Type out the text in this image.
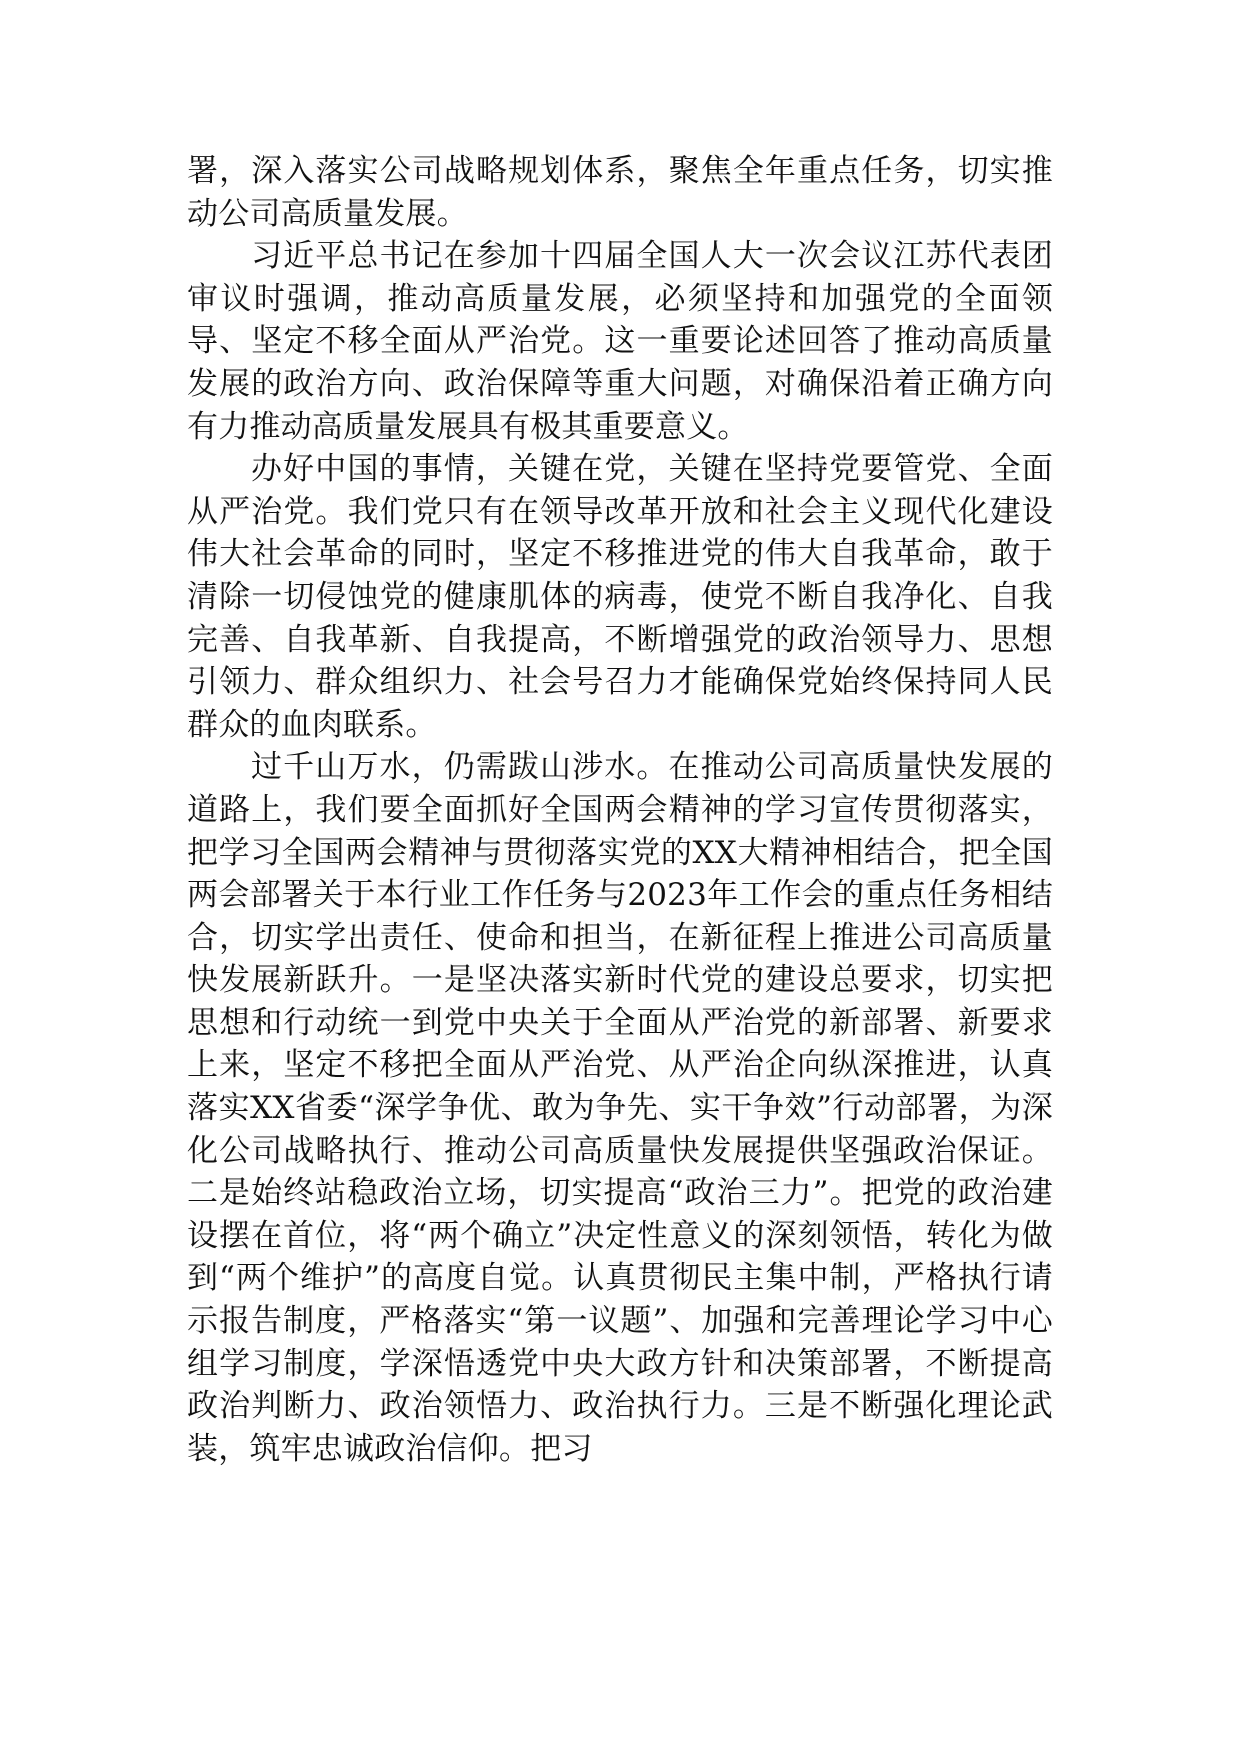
署，深入落实公司战略规划体系，聚焦全年重点任务，切实推动公司高质量发展。

习近平总书记在参加十四届全国人大一次会议江苏代表团审议时强调，推动高质量发展，必须坚持和加强党的全面领导、坚定不移全面从严治党。这一重要论述回答了推动高质量发展的政治方向、政治保障等重大问题，对确保沿着正确方向有力推动高质量发展具有极其重要意义。

办好中国的事情，关键在党，关键在坚持党要管党、全面从严治党。我们党只有在领导改革开放和社会主义现代化建设伟大社会革命的同时，坚定不移推进党的伟大自我革命，敢于清除一切侵蚀党的健康肌体的病毒，使党不断自我净化、自我完善、自我革新、自我提高，不断增强党的政治领导力、思想引领力、群众组织力、社会号召力才能确保党始终保持同人民群众的血肉联系。

过千山万水，仍需跋山涉水。在推动公司高质量快发展的道路上，我们要全面抓好全国两会精神的学习宣传贯彻落实，把学习全国两会精神与贯彻落实党的XX大精神相结合，把全国两会部署关于本行业工作任务与2023年工作会的重点任务相结合，切实学出责任、使命和担当，在新征程上推进公司高质量快发展新跃升。一是坚决落实新时代党的建设总要求，切实把思想和行动统一到党中央关于全面从严治党的新部署、新要求上来，坚定不移把全面从严治党、从严治企向纵深推进，认真落实XX省委“深学争优、敢为争先、实干争效”行动部署，为深化公司战略执行、推动公司高质量快发展提供坚强政治保证。二是始终站稳政治立场，切实提高“政治三力”。把党的政治建设摆在首位，将“两个确立”决定性意义的深刻领悟，转化为做到“两个维护”的高度自觉。认真贯彻民主集中制，严格执行请示报告制度，严格落实“第一议题”、加强和完善理论学习中心组学习制度，学深悟透党中央大政方针和决策部署，不断提高政治判断力、政治领悟力、政治执行力。三是不断强化理论武装，筑牢忠诚政治信仰。把习
